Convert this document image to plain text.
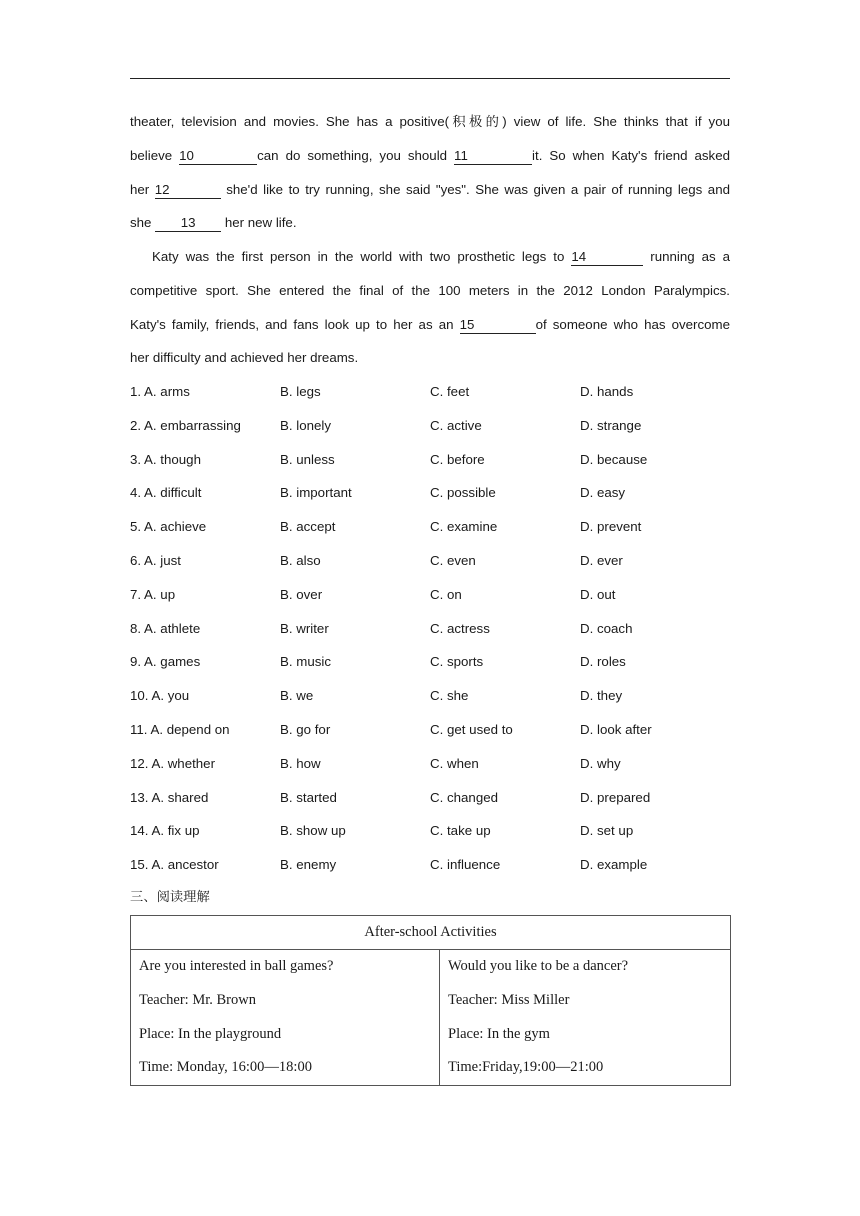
theater, television and movies. She has a positive(积极的) view of life. She thinks that if you
believe 10	can do something, you should 11	it. So when Katy's friend asked
her 12	she'd like to try running, she said "yes". She was given a pair of running legs and
she 13 her new life.
Katy was the first person in the world with two prosthetic legs to 14	running as a
competitive sport. She entered the final of the 100 meters in the 2012 London Paralympics.
Katy's family, friends, and fans look up to her as an 15	of someone who has overcome
her difficulty and achieved her dreams.
1. A. arms	B. legs	C. feet	D. hands
2. A. embarrassing	B. lonely	C. active	D. strange
3. A. though	B. unless	C. before	D. because
4. A. difficult	B. important	C. possible	D. easy
5. A. achieve	B. accept	C. examine	D. prevent
6. A. just	B. also	C. even	D. ever
7. A. up	B. over	C. on	D. out
8. A. athlete	B. writer	C. actress	D. coach
9. A. games	B. music	C. sports	D. roles
10. A. you	B. we	C. she	D. they
11. A. depend on	B. go for	C. get used to	D. look after
12. A. whether	B. how	C. when	D. why
13. A. shared	B. started	C. changed	D. prepared
14. A. fix up	B. show up	C. take up	D. set up
15. A. ancestor	B. enemy	C. influence	D. example
三、阅读理解
After-school Activities

Are you interested in ball games?
Teacher: Mr. Brown
Place: In the playground
Time: Monday, 16:00—18:00

Would you like to be a dancer?
Teacher: Miss Miller
Place: In the gym
Time:Friday,19:00—21:00
